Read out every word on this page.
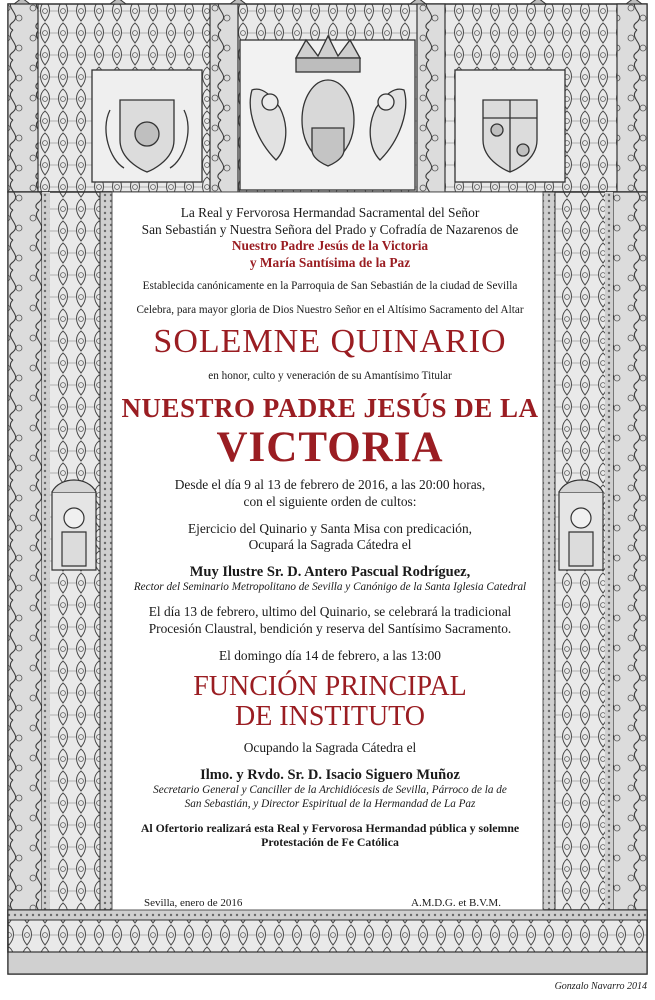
La Real y Fervorosa Hermandad Sacramental del Señor

San Sebastián y Nuestra Señora del Prado y Cofradía de Nazarenos de

Nuestro Padre Jesús de la Victoria

y María Santísima de la Paz

Establecida canónicamente en la Parroquia de San Sebastián de la ciudad de Sevilla

Celebra, para mayor gloria de Dios Nuestro Señor en el Altísimo Sacramento del Altar

SOLEMNE QUINARIO

en honor, culto y veneración de su Amantísimo Titular

NUESTRO PADRE JESÚS DE LA

VICTORIA

Desde el día 9 al 13 de febrero de 2016, a las 20:00 horas,

con el siguiente orden de cultos:

Ejercicio del Quinario y Santa Misa con predicación,

Ocupará la Sagrada Cátedra el

Muy Ilustre Sr. D. Antero Pascual Rodríguez,

Rector del Seminario Metropolitano de Sevilla y Canónigo de la Santa Iglesia Catedral

El día 13 de febrero, ultimo del Quinario, se celebrará la tradicional

Procesión Claustral, bendición y reserva del Santísimo Sacramento.

El domingo día 14 de febrero, a las 13:00

FUNCIÓN PRINCIPAL

DE INSTITUTO

Ocupando la Sagrada Cátedra el

Ilmo. y Rvdo. Sr. D. Isacio Siguero Muñoz

Secretario General y Canciller de la Archidiócesis de Sevilla, Párroco de la de

San Sebastián, y Director Espiritual de la Hermandad de La Paz

Al Ofertorio realizará esta Real y Fervorosa Hermandad pública y solemne

Protestación de Fe Católica

Sevilla, enero de 2016	A.M.D.G. et B.V.M.
Gonzalo Navarro 2014
